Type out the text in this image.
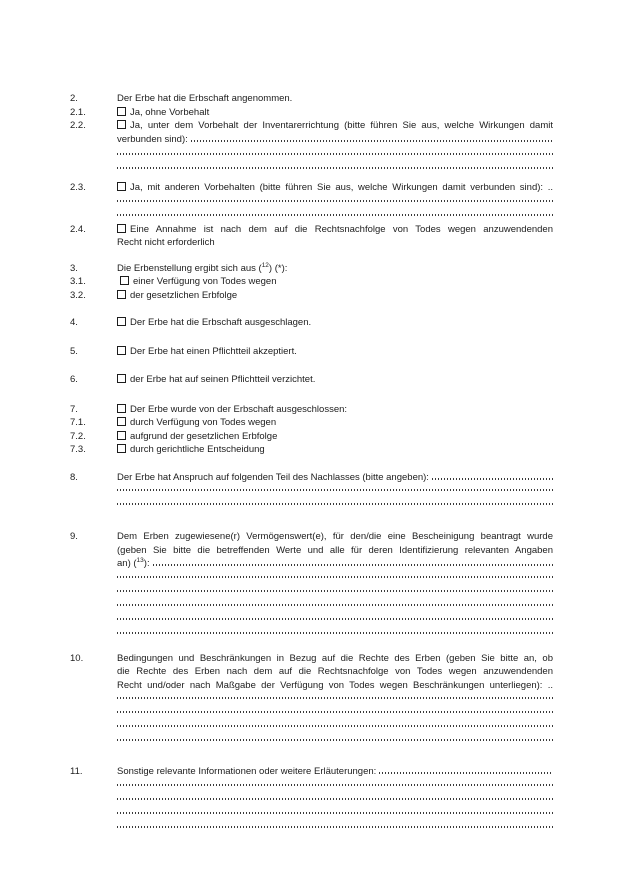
2.	Der Erbe hat die Erbschaft angenommen.

2.1.	Ja, ohne Vorbehalt

2.2.	Ja, unter dem Vorbehalt der Inventarerrichtung (bitte führen Sie aus, welche Wirkungen damit

verbunden sind):

2.3.	Ja, mit anderen Vorbehalten (bitte führen Sie aus, welche Wirkungen damit verbunden sind): ..

2.4.	Eine Annahme ist nach dem auf die Rechtsnachfolge von Todes wegen anzuwendenden

Recht nicht erforderlich

3.	Die Erbenstellung ergibt sich aus ($^{12}$) (*):

3.1.	einer Verfügung von Todes wegen

3.2.	der gesetzlichen Erbfolge

4.	Der Erbe hat die Erbschaft ausgeschlagen.

5.	Der Erbe hat einen Pflichtteil akzeptiert.

6.	der Erbe hat auf seinen Pflichtteil verzichtet.

7.	Der Erbe wurde von der Erbschaft ausgeschlossen:

7.1.	durch Verfügung von Todes wegen

7.2.	aufgrund der gesetzlichen Erbfolge

7.3.	durch gerichtliche Entscheidung

8.	Der Erbe hat Anspruch auf folgenden Teil des Nachlasses (bitte angeben):

9.	Dem Erben zugewiesene(r) Vermögenswert(e), für den/die eine Bescheinigung beantragt wurde

(geben Sie bitte die betreffenden Werte und alle für deren Identifizierung relevanten Angaben

an) ($^{13}$):

10.	Bedingungen und Beschränkungen in Bezug auf die Rechte des Erben (geben Sie bitte an, ob

die Rechte des Erben nach dem auf die Rechtsnachfolge von Todes wegen anzuwendenden

Recht und/oder nach Maßgabe der Verfügung von Todes wegen Beschränkungen unterliegen): ..

11.	Sonstige relevante Informationen oder weitere Erläuterungen:
